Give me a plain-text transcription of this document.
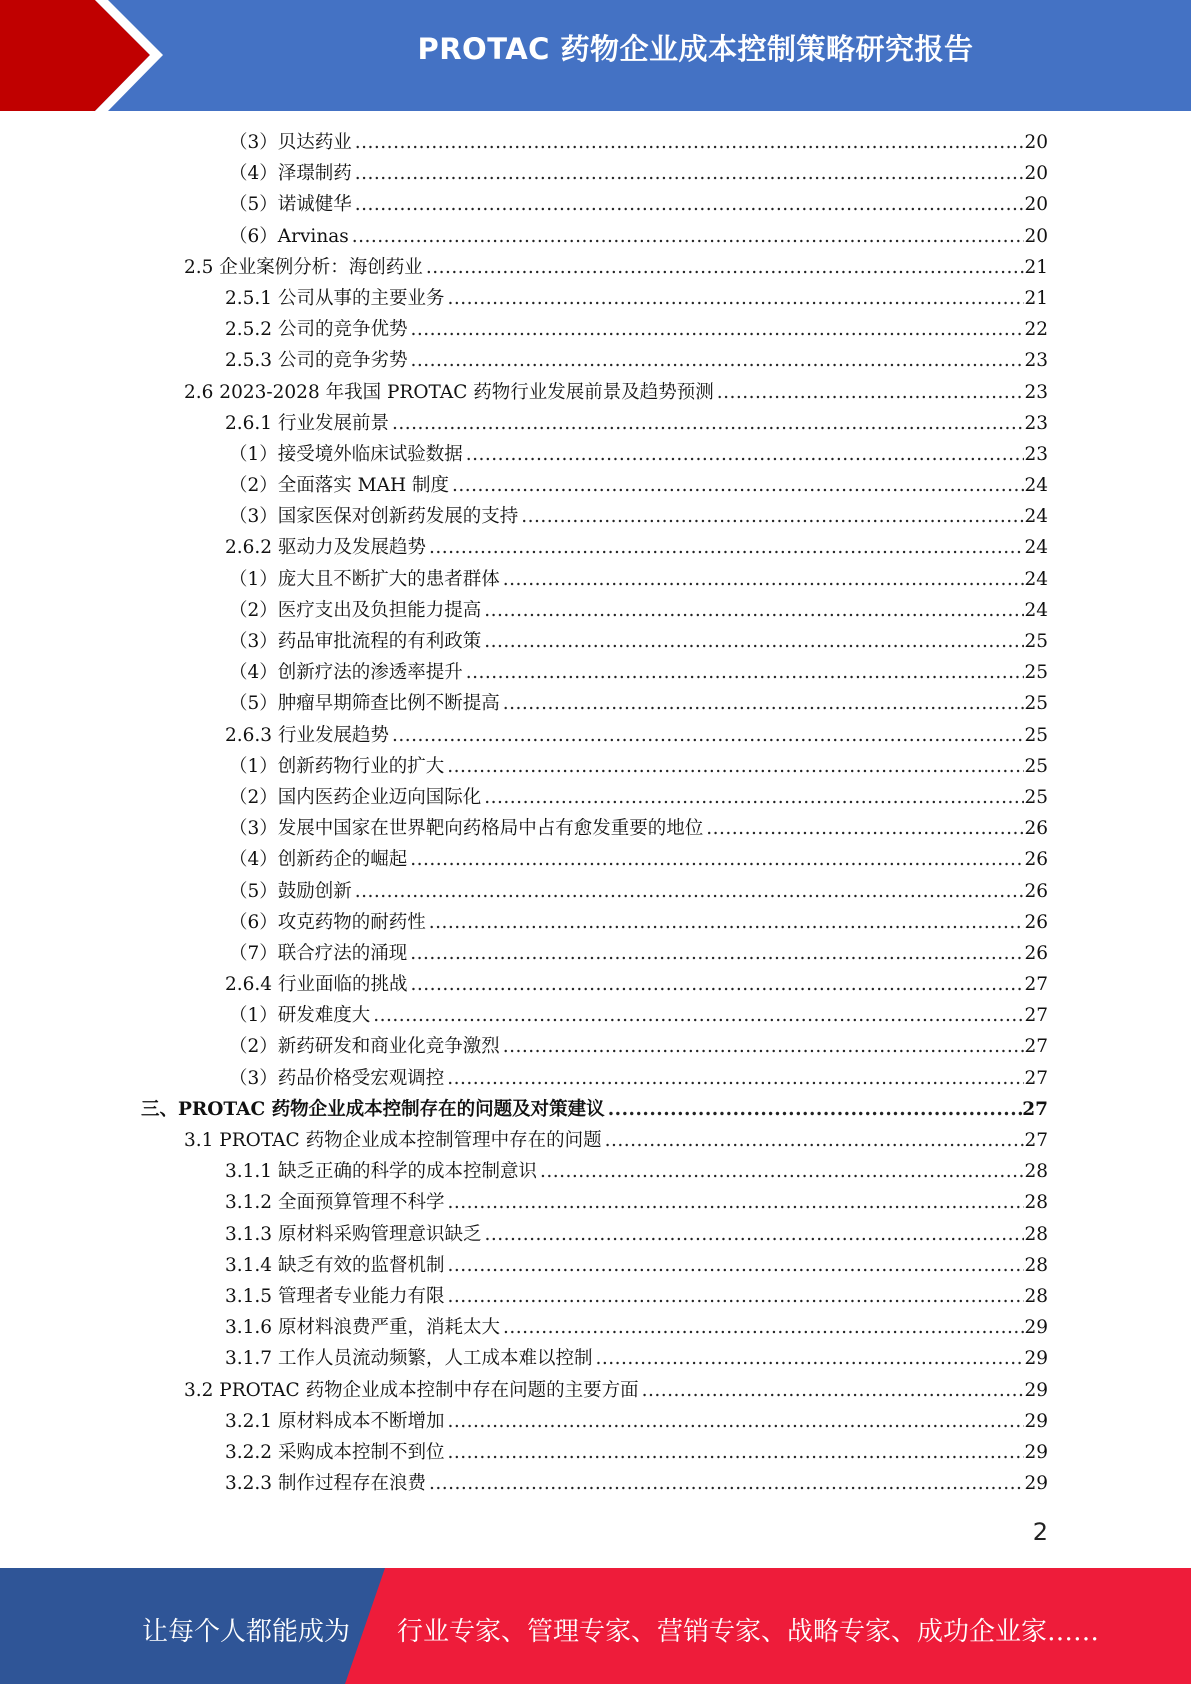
PROTAC 药物企业成本控制策略研究报告
（3）贝达药业 .....	20
（4）泽璟制药 .....	20
（5）诺诚健华 .....	20
（6）Arvinas .....	20
2.5 企业案例分析：海创药业 .....	21
2.5.1 公司从事的主要业务 .....	21
2.5.2 公司的竞争优势 .....	22
2.5.3 公司的竞争劣势 .....	23
2.6 2023-2028 年我国 PROTAC 药物行业发展前景及趋势预测 .....	23
2.6.1 行业发展前景 .....	23
（1）接受境外临床试验数据 .....	23
（2）全面落实 MAH 制度 .....	24
（3）国家医保对创新药发展的支持 .....	24
2.6.2 驱动力及发展趋势 .....	24
（1）庞大且不断扩大的患者群体 .....	24
（2）医疗支出及负担能力提高 .....	24
（3）药品审批流程的有利政策 .....	25
（4）创新疗法的渗透率提升 .....	25
（5）肿瘤早期筛查比例不断提高 .....	25
2.6.3 行业发展趋势 .....	25
（1）创新药物行业的扩大 .....	25
（2）国内医药企业迈向国际化 .....	25
（3）发展中国家在世界靶向药格局中占有愈发重要的地位 .....	26
（4）创新药企的崛起 .....	26
（5）鼓励创新 .....	26
（6）攻克药物的耐药性 .....	26
（7）联合疗法的涌现 .....	26
2.6.4 行业面临的挑战 .....	27
（1）研发难度大 .....	27
（2）新药研发和商业化竞争激烈 .....	27
（3）药品价格受宏观调控 .....	27
三、PROTAC 药物企业成本控制存在的问题及对策建议 .....	27
3.1 PROTAC 药物企业成本控制管理中存在的问题 .....	27
3.1.1 缺乏正确的科学的成本控制意识 .....	28
3.1.2 全面预算管理不科学 .....	28
3.1.3 原材料采购管理意识缺乏 .....	28
3.1.4 缺乏有效的监督机制 .....	28
3.1.5 管理者专业能力有限 .....	28
3.1.6 原材料浪费严重，消耗太大 .....	29
3.1.7 工作人员流动频繁，人工成本难以控制 .....	29
3.2 PROTAC 药物企业成本控制中存在问题的主要方面 .....	29
3.2.1 原材料成本不断增加 .....	29
3.2.2 采购成本控制不到位 .....	29
3.2.3 制作过程存在浪费 .....	29
2
让每个人都能成为 行业专家、管理专家、营销专家、战略专家、成功企业家……
